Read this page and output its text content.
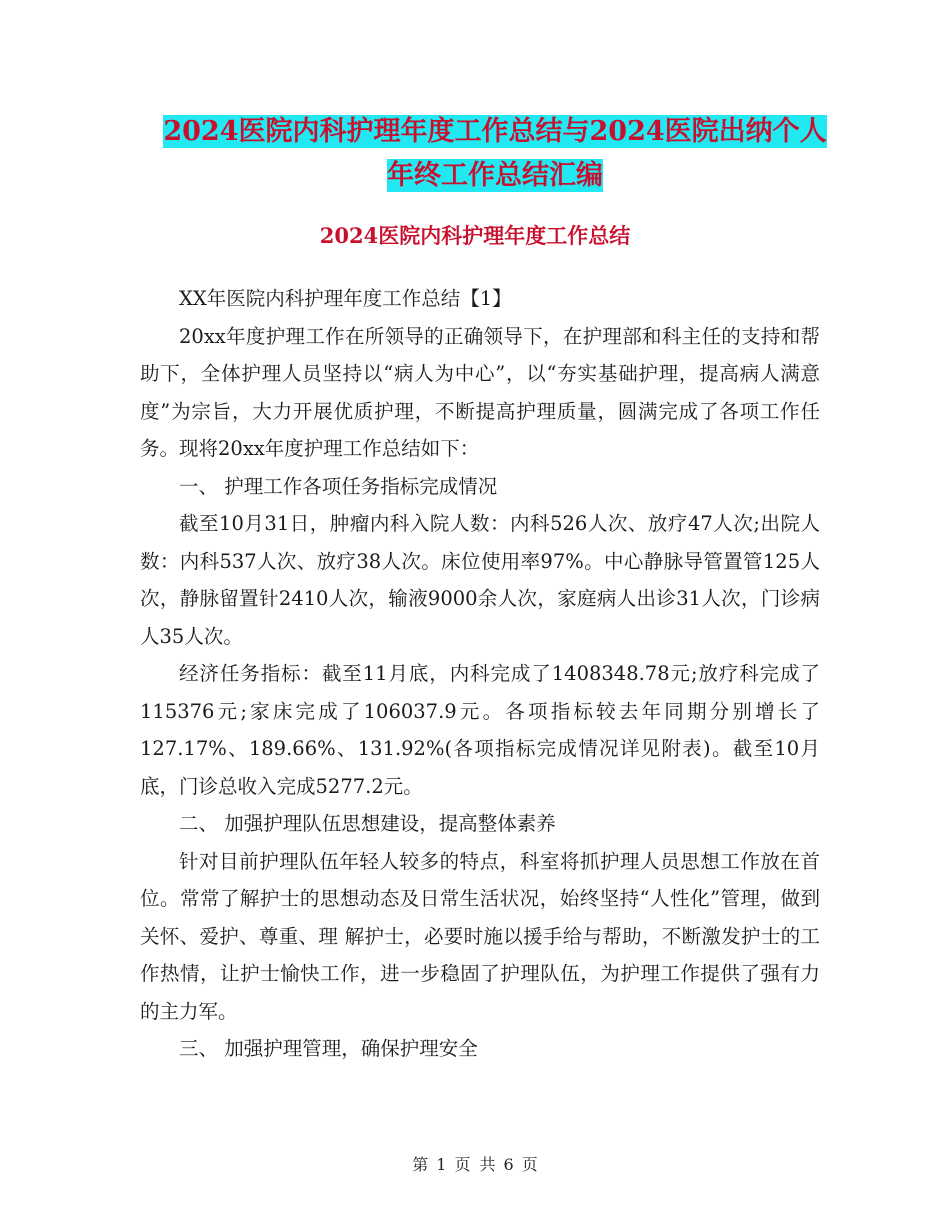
2024医院内科护理年度工作总结与2024医院出纳个人
年终工作总结汇编
2024医院内科护理年度工作总结

XX年医院内科护理年度工作总结【1】

20xx年度护理工作在所领导的正确领导下，在护理部和科主任的支持和帮助下，全体护理人员坚持以“病人为中心”，以“夯实基础护理，提高病人满意度”为宗旨，大力开展优质护理，不断提高护理质量，圆满完成了各项工作任务。现将20xx年度护理工作总结如下：

一、 护理工作各项任务指标完成情况

截至10月31日，肿瘤内科入院人数：内科526人次、放疗47人次;出院人数：内科537人次、放疗38人次。床位使用率97%。中心静脉导管置管125人次，静脉留置针2410人次，输液9000余人次，家庭病人出诊31人次，门诊病人35人次。

经济任务指标：截至11月底，内科完成了1408348.78元;放疗科完成了115376元;家床完成了106037.9元。各项指标较去年同期分别增长了127.17%、189.66%、131.92%(各项指标完成情况详见附表)。截至10月底，门诊总收入完成5277.2元。

二、 加强护理队伍思想建设，提高整体素养

针对目前护理队伍年轻人较多的特点，科室将抓护理人员思想工作放在首位。常常了解护士的思想动态及日常生活状况，始终坚持“人性化”管理，做到关怀、爱护、尊重、理 解护士，必要时施以援手给与帮助，不断激发护士的工作热情，让护士愉快工作，进一步稳固了护理队伍，为护理工作提供了强有力的主力军。

三、 加强护理管理，确保护理安全

第 1 页 共 6 页
